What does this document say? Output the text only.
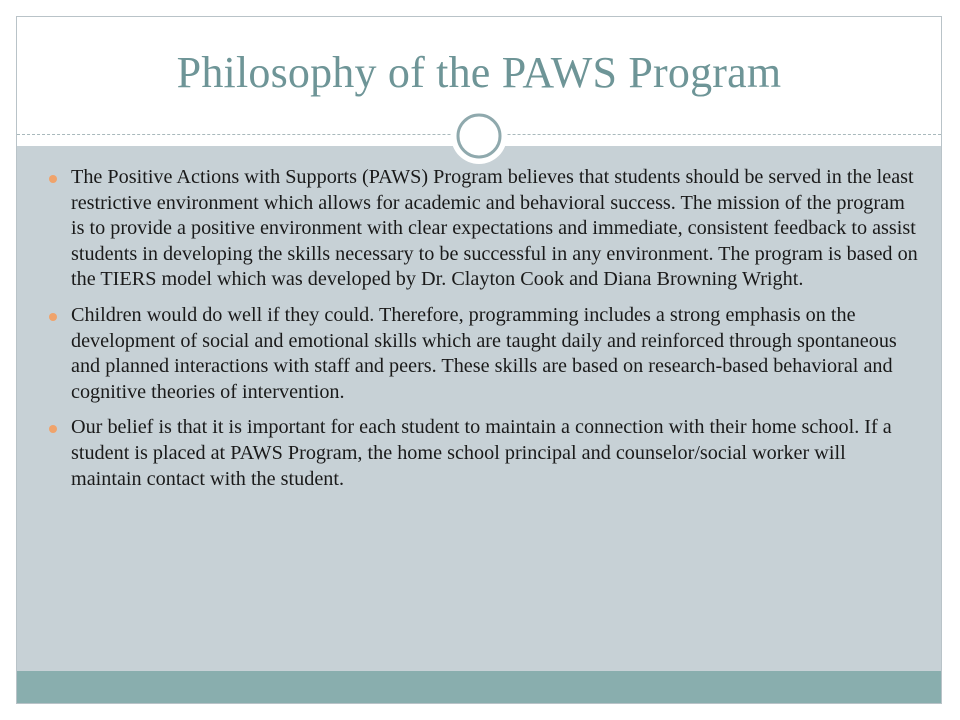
Philosophy of the PAWS Program
The Positive Actions with Supports (PAWS) Program believes that students should be served in the least restrictive environment which allows for academic and behavioral success. The mission of the program is to provide a positive environment with clear expectations and immediate, consistent feedback to assist students in developing the skills necessary to be successful in any environment. The program is based on the TIERS model which was developed by Dr. Clayton Cook and Diana Browning Wright.
Children would do well if they could. Therefore, programming includes a strong emphasis on the development of social and emotional skills which are taught daily and reinforced through spontaneous and planned interactions with staff and peers. These skills are based on research-based behavioral and cognitive theories of intervention.
Our belief is that it is important for each student to maintain a connection with their home school. If a student is placed at PAWS Program, the home school principal and counselor/social worker will maintain contact with the student.
